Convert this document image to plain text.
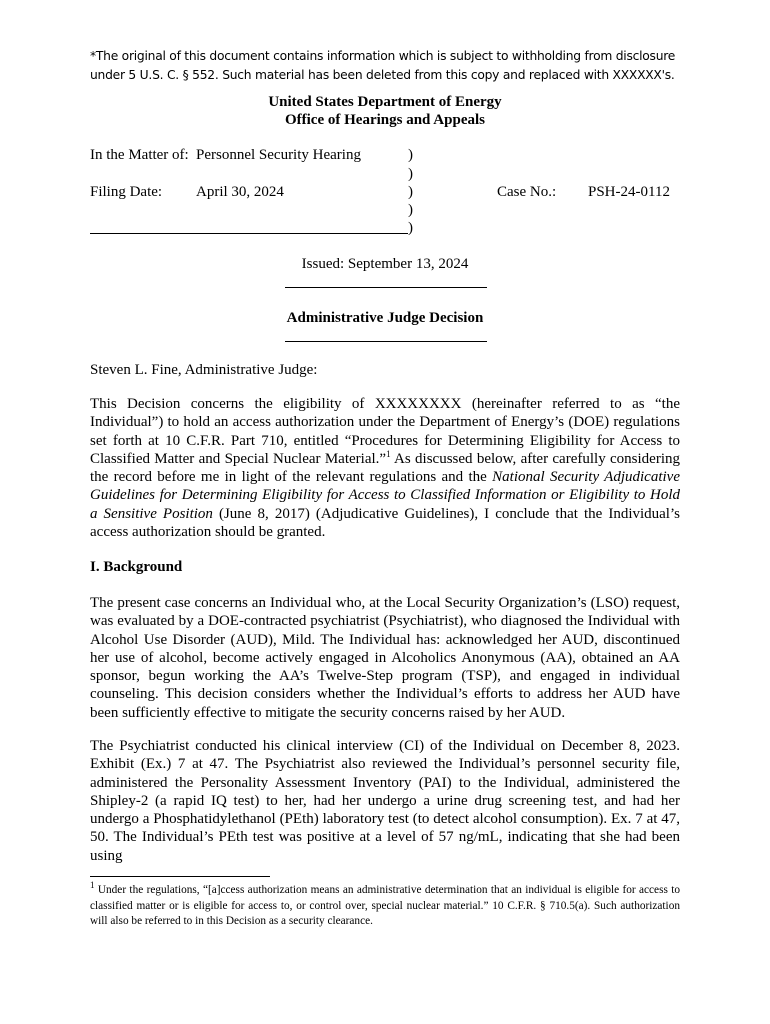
*The original of this document contains information which is subject to withholding from disclosure under 5 U.S. C. § 552. Such material has been deleted from this copy and replaced with XXXXXX's.
United States Department of Energy
Office of Hearings and Appeals
In the Matter of: Personnel Security Hearing
Filing Date: April 30, 2024	Case No.: PSH-24-0112
)
)
)
)
)
Issued: September 13, 2024
Administrative Judge Decision
Steven L. Fine, Administrative Judge:
This Decision concerns the eligibility of XXXXXXXX (hereinafter referred to as “the Individual”) to hold an access authorization under the Department of Energy’s (DOE) regulations set forth at 10 C.F.R. Part 710, entitled “Procedures for Determining Eligibility for Access to Classified Matter and Special Nuclear Material.”$^1$ As discussed below, after carefully considering the record before me in light of the relevant regulations and the National Security Adjudicative Guidelines for Determining Eligibility for Access to Classified Information or Eligibility to Hold a Sensitive Position (June 8, 2017) (Adjudicative Guidelines), I conclude that the Individual’s access authorization should be granted.
I. Background
The present case concerns an Individual who, at the Local Security Organization’s (LSO) request, was evaluated by a DOE-contracted psychiatrist (Psychiatrist), who diagnosed the Individual with Alcohol Use Disorder (AUD), Mild. The Individual has: acknowledged her AUD, discontinued her use of alcohol, become actively engaged in Alcoholics Anonymous (AA), obtained an AA sponsor, begun working the AA’s Twelve-Step program (TSP), and engaged in individual counseling. This decision considers whether the Individual’s efforts to address her AUD have been sufficiently effective to mitigate the security concerns raised by her AUD.
The Psychiatrist conducted his clinical interview (CI) of the Individual on December 8, 2023. Exhibit (Ex.) 7 at 47. The Psychiatrist also reviewed the Individual’s personnel security file, administered the Personality Assessment Inventory (PAI) to the Individual, administered the Shipley-2 (a rapid IQ test) to her, had her undergo a urine drug screening test, and had her undergo a Phosphatidylethanol (PEth) laboratory test (to detect alcohol consumption). Ex. 7 at 47, 50. The Individual’s PEth test was positive at a level of 57 ng/mL, indicating that she had been using
$^1$ Under the regulations, “[a]ccess authorization means an administrative determination that an individual is eligible for access to classified matter or is eligible for access to, or control over, special nuclear material.” 10 C.F.R. § 710.5(a). Such authorization will also be referred to in this Decision as a security clearance.
